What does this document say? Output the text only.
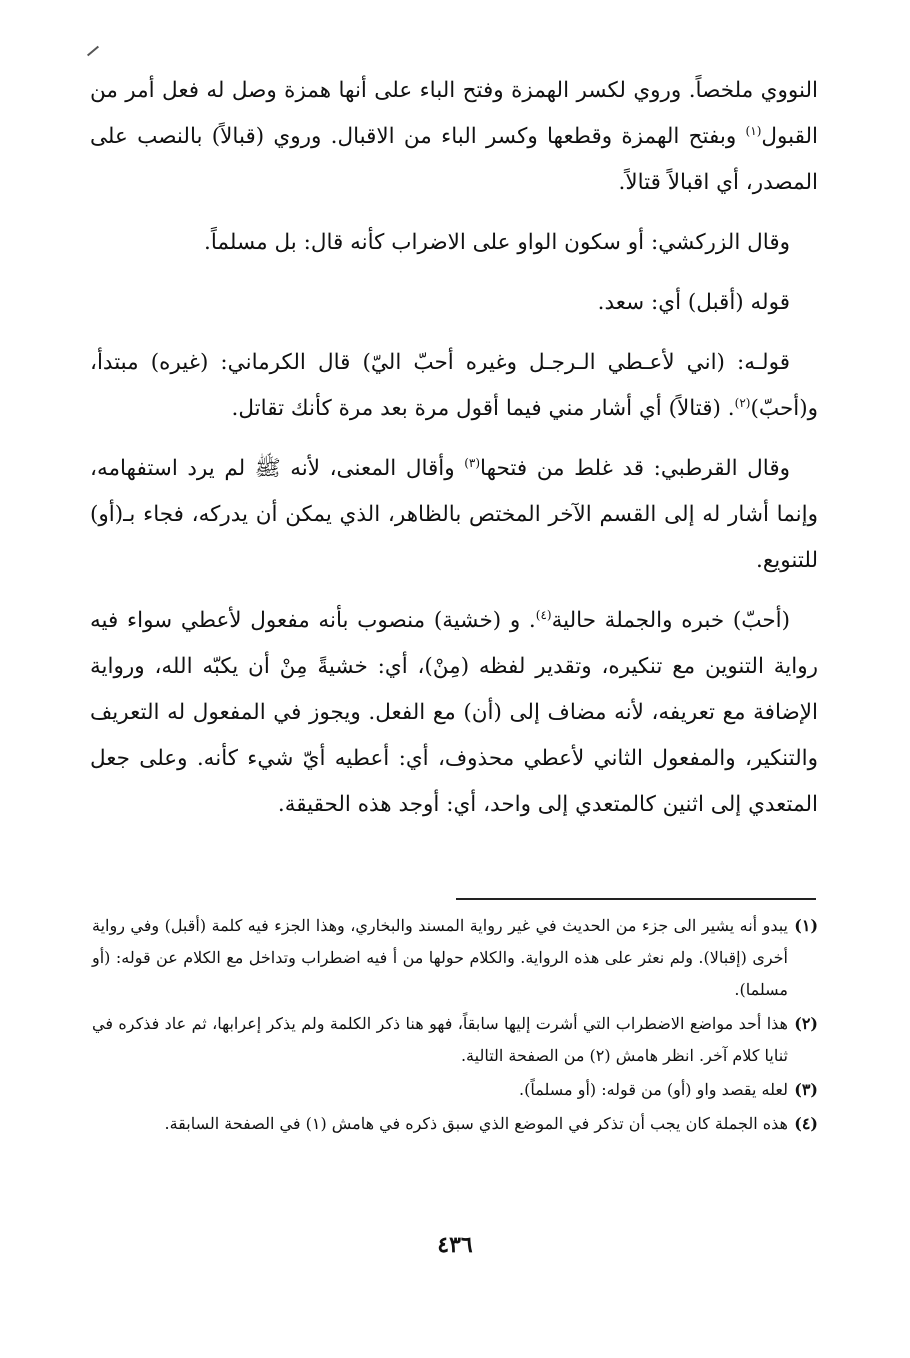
النووي ملخصاً. وروي لكسر الهمزة وفتح الباء على أنها همزة وصل له فعل أمر من القبول$^{(١)}$ وبفتح الهمزة وقطعها وكسر الباء من الاقبال. وروي (قبالاً) بالنصب على المصدر، أي اقبالاً قتالاً.

وقال الزركشي: أو سكون الواو على الاضراب كأنه قال: بل مسلماً.

قوله (أقبل) أي: سعد.

قولـه: (اني لأعـطي الـرجـل وغيره أحبّ اليّ) قال الكرماني: (غيره) مبتدأ، و(أحبّ)$^{(٢)}$. (قتالاً) أي أشار مني فيما أقول مرة بعد مرة كأنك تقاتل.

وقال القرطبي: قد غلط من فتحها$^{(٣)}$ وأقال المعنى، لأنه ﷺ لم يرد استفهامه، وإنما أشار له إلى القسم الآخر المختص بالظاهر، الذي يمكن أن يدركه، فجاء بـ(أو) للتنويع.

(أحبّ) خبره والجملة حالية$^{(٤)}$. و (خشية) منصوب بأنه مفعول لأعطي سواء فيه رواية التنوين مع تنكيره، وتقدير لفظه (مِنْ)، أي: خشيةً مِنْ أن يكبّه الله، ورواية الإضافة مع تعريفه، لأنه مضاف إلى (أن) مع الفعل. ويجوز في المفعول له التعريف والتنكير، والمفعول الثاني لأعطي محذوف، أي: أعطيه أيّ شيء كأنه. وعلى جعل المتعدي إلى اثنين كالمتعدي إلى واحد، أي: أوجد هذه الحقيقة.

(١)يبدو أنه يشير الى جزء من الحديث في غير رواية المسند والبخاري، وهذا الجزء فيه كلمة (أقبل) وفي رواية أخرى (إقبالا). ولم نعثر على هذه الرواية. والكلام حولها من أ فيه اضطراب وتداخل مع الكلام عن قوله: (أو مسلما).

(٢)هذا أحد مواضع الاضطراب التي أشرت إليها سابقاً، فهو هنا ذكر الكلمة ولم يذكر إعرابها، ثم عاد فذكره في ثنايا كلام آخر. انظر هامش (٢) من الصفحة التالية.

(٣)لعله يقصد واو (أو) من قوله: (أو مسلماً).

(٤)هذه الجملة كان يجب أن تذكر في الموضع الذي سبق ذكره في هامش (١) في الصفحة السابقة.

٤٣٦
